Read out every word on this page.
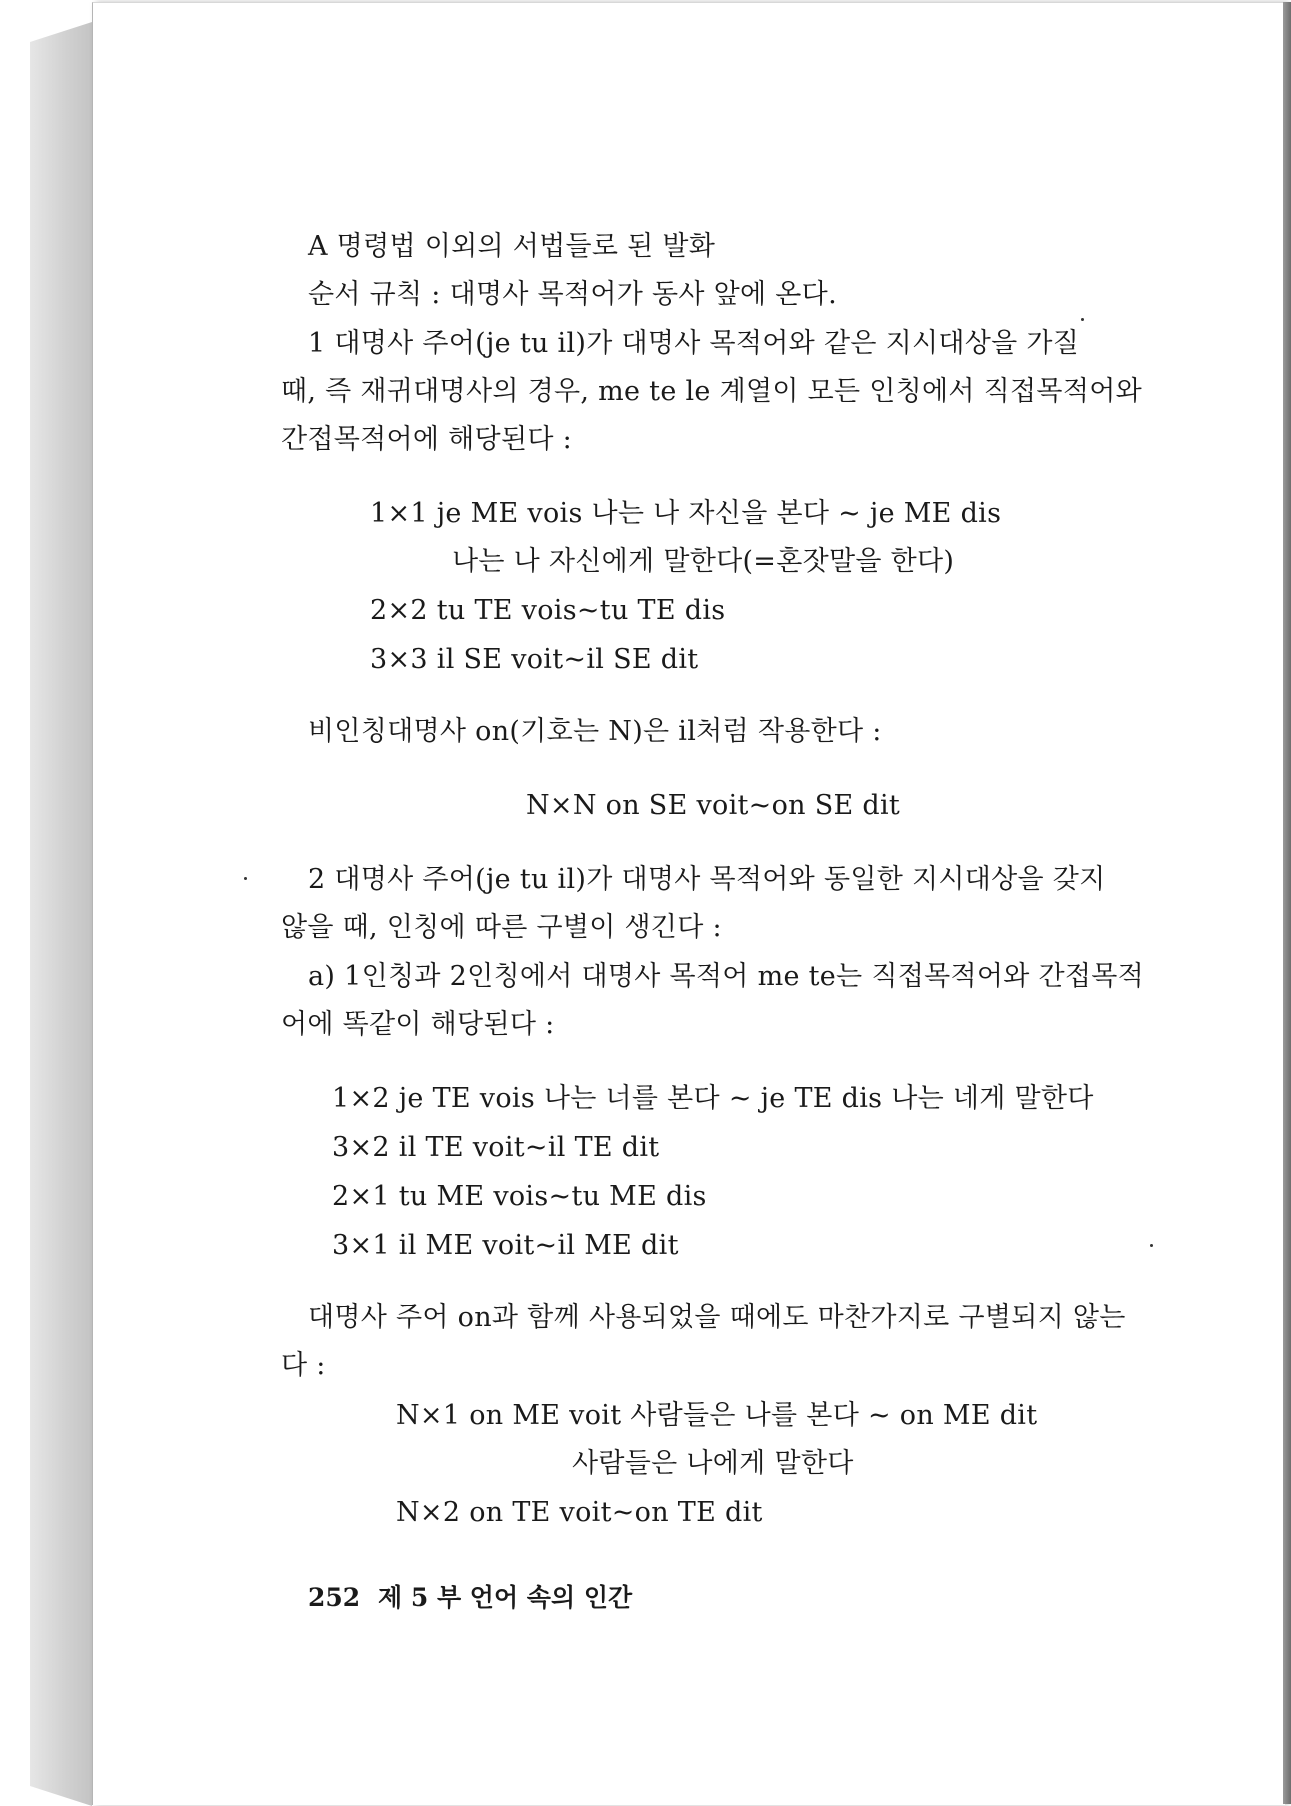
A 명령법 이외의 서법들로 된 발화
순서 규칙 : 대명사 목적어가 동사 앞에 온다.
1 대명사 주어(je tu il)가 대명사 목적어와 같은 지시대상을 가질
때, 즉 재귀대명사의 경우, me te le 계열이 모든 인칭에서 직접목적어와
간접목적어에 해당된다 :
1×1 je ME vois 나는 나 자신을 본다 ~ je ME dis
나는 나 자신에게 말한다(=혼잣말을 한다)
2×2 tu TE vois~tu TE dis
3×3 il SE voit~il SE dit
비인칭대명사 on(기호는 N)은 il처럼 작용한다 :
N×N on SE voit~on SE dit
2 대명사 주어(je tu il)가 대명사 목적어와 동일한 지시대상을 갖지
않을 때, 인칭에 따른 구별이 생긴다 :
a) 1인칭과 2인칭에서 대명사 목적어 me te는 직접목적어와 간접목적
어에 똑같이 해당된다 :
1×2 je TE vois 나는 너를 본다 ~ je TE dis 나는 네게 말한다
3×2 il TE voit~il TE dit
2×1 tu ME vois~tu ME dis
3×1 il ME voit~il ME dit
대명사 주어 on과 함께 사용되었을 때에도 마찬가지로 구별되지 않는
다 :
N×1 on ME voit 사람들은 나를 본다 ~ on ME dit
사람들은 나에게 말한다
N×2 on TE voit~on TE dit
252 제 5 부 언어 속의 인간
